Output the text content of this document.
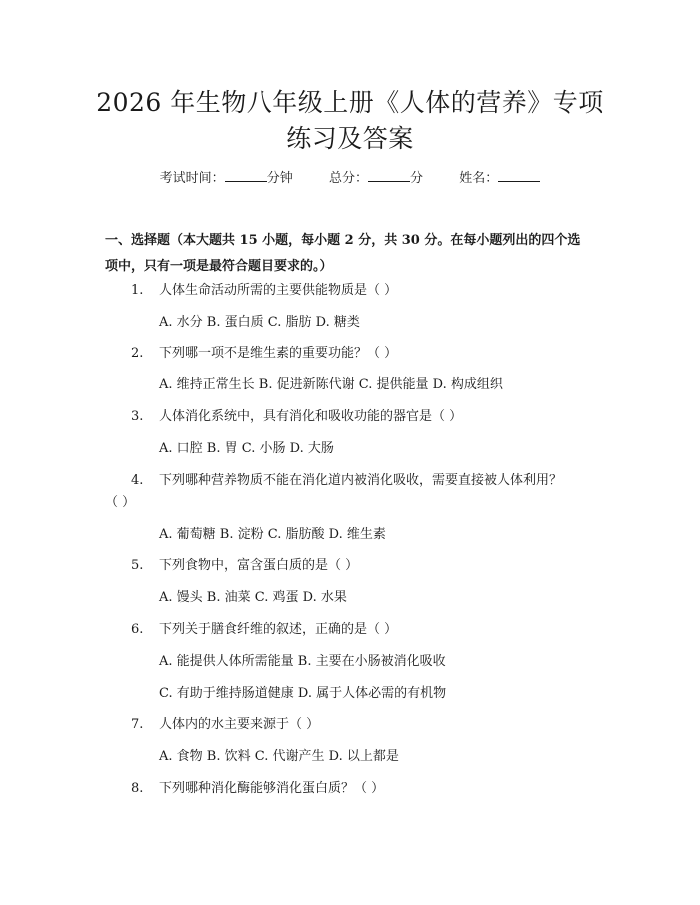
2026 年生物八年级上册《人体的营养》专项
练习及答案
考试时间：	分钟	总分：	分	姓名：
一、选择题（本大题共 15 小题，每小题 2 分，共 30 分。在每小题列出的四个选
项中，只有一项是最符合题目要求的。）
1. 人体生命活动所需的主要供能物质是（ ）
A. 水分 B. 蛋白质 C. 脂肪 D. 糖类
2. 下列哪一项不是维生素的重要功能？（ ）
A. 维持正常生长 B. 促进新陈代谢 C. 提供能量 D. 构成组织
3. 人体消化系统中，具有消化和吸收功能的器官是（ ）
A. 口腔 B. 胃 C. 小肠 D. 大肠
4. 下列哪种营养物质不能在消化道内被消化吸收，需要直接被人体利用？
（ ）
A. 葡萄糖 B. 淀粉 C. 脂肪酸 D. 维生素
5. 下列食物中，富含蛋白质的是（ ）
A. 馒头 B. 油菜 C. 鸡蛋 D. 水果
6. 下列关于膳食纤维的叙述，正确的是（ ）
A. 能提供人体所需能量 B. 主要在小肠被消化吸收
C. 有助于维持肠道健康 D. 属于人体必需的有机物
7. 人体内的水主要来源于（ ）
A. 食物 B. 饮料 C. 代谢产生 D. 以上都是
8. 下列哪种消化酶能够消化蛋白质？（ ）
